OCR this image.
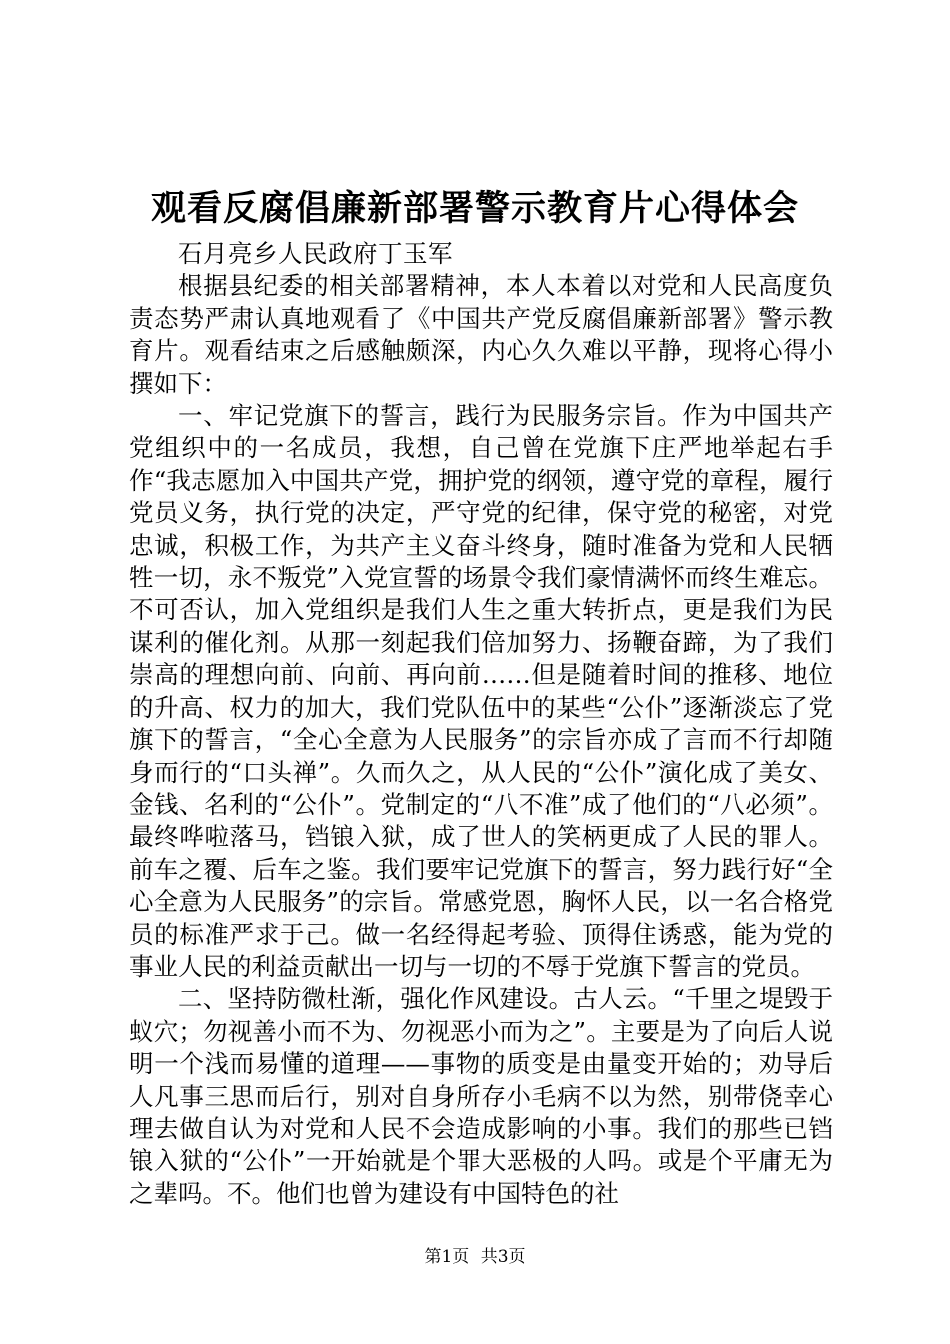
观看反腐倡廉新部署警示教育片心得体会

石月亮乡人民政府丁玉军

根据县纪委的相关部署精神，本人本着以对党和人民高度负责态势严肃认真地观看了《中国共产党反腐倡廉新部署》警示教育片。观看结束之后感触颇深，内心久久难以平静，现将心得小撰如下：

一、牢记党旗下的誓言，践行为民服务宗旨。作为中国共产党组织中的一名成员，我想，自己曾在党旗下庄严地举起右手作“我志愿加入中国共产党，拥护党的纲领，遵守党的章程，履行党员义务，执行党的决定，严守党的纪律，保守党的秘密，对党忠诚，积极工作，为共产主义奋斗终身，随时准备为党和人民牺牲一切，永不叛党”入党宣誓的场景令我们豪情满怀而终生难忘。不可否认，加入党组织是我们人生之重大转折点，更是我们为民谋利的催化剂。从那一刻起我们倍加努力、扬鞭奋蹄，为了我们崇高的理想向前、向前、再向前……但是随着时间的推移、地位的升高、权力的加大，我们党队伍中的某些“公仆”逐渐淡忘了党旗下的誓言，“全心全意为人民服务”的宗旨亦成了言而不行却随身而行的“口头禅”。久而久之，从人民的“公仆”演化成了美女、金钱、名利的“公仆”。党制定的“八不准”成了他们的“八必须”。最终哗啦落马，铛锒入狱，成了世人的笑柄更成了人民的罪人。前车之覆、后车之鉴。我们要牢记党旗下的誓言，努力践行好“全心全意为人民服务”的宗旨。常感党恩，胸怀人民，以一名合格党员的标准严求于己。做一名经得起考验、顶得住诱惑，能为党的事业人民的利益贡献出一切与一切的不辱于党旗下誓言的党员。

二、坚持防微杜渐，强化作风建设。古人云。“千里之堤毁于蚁穴；勿视善小而不为、勿视恶小而为之”。主要是为了向后人说明一个浅而易懂的道理——事物的质变是由量变开始的；劝导后人凡事三思而后行，别对自身所存小毛病不以为然，别带侥幸心理去做自认为对党和人民不会造成影响的小事。我们的那些已铛锒入狱的“公仆”一开始就是个罪大恶极的人吗。或是个平庸无为之辈吗。不。他们也曾为建设有中国特色的社

第1页 共3页
